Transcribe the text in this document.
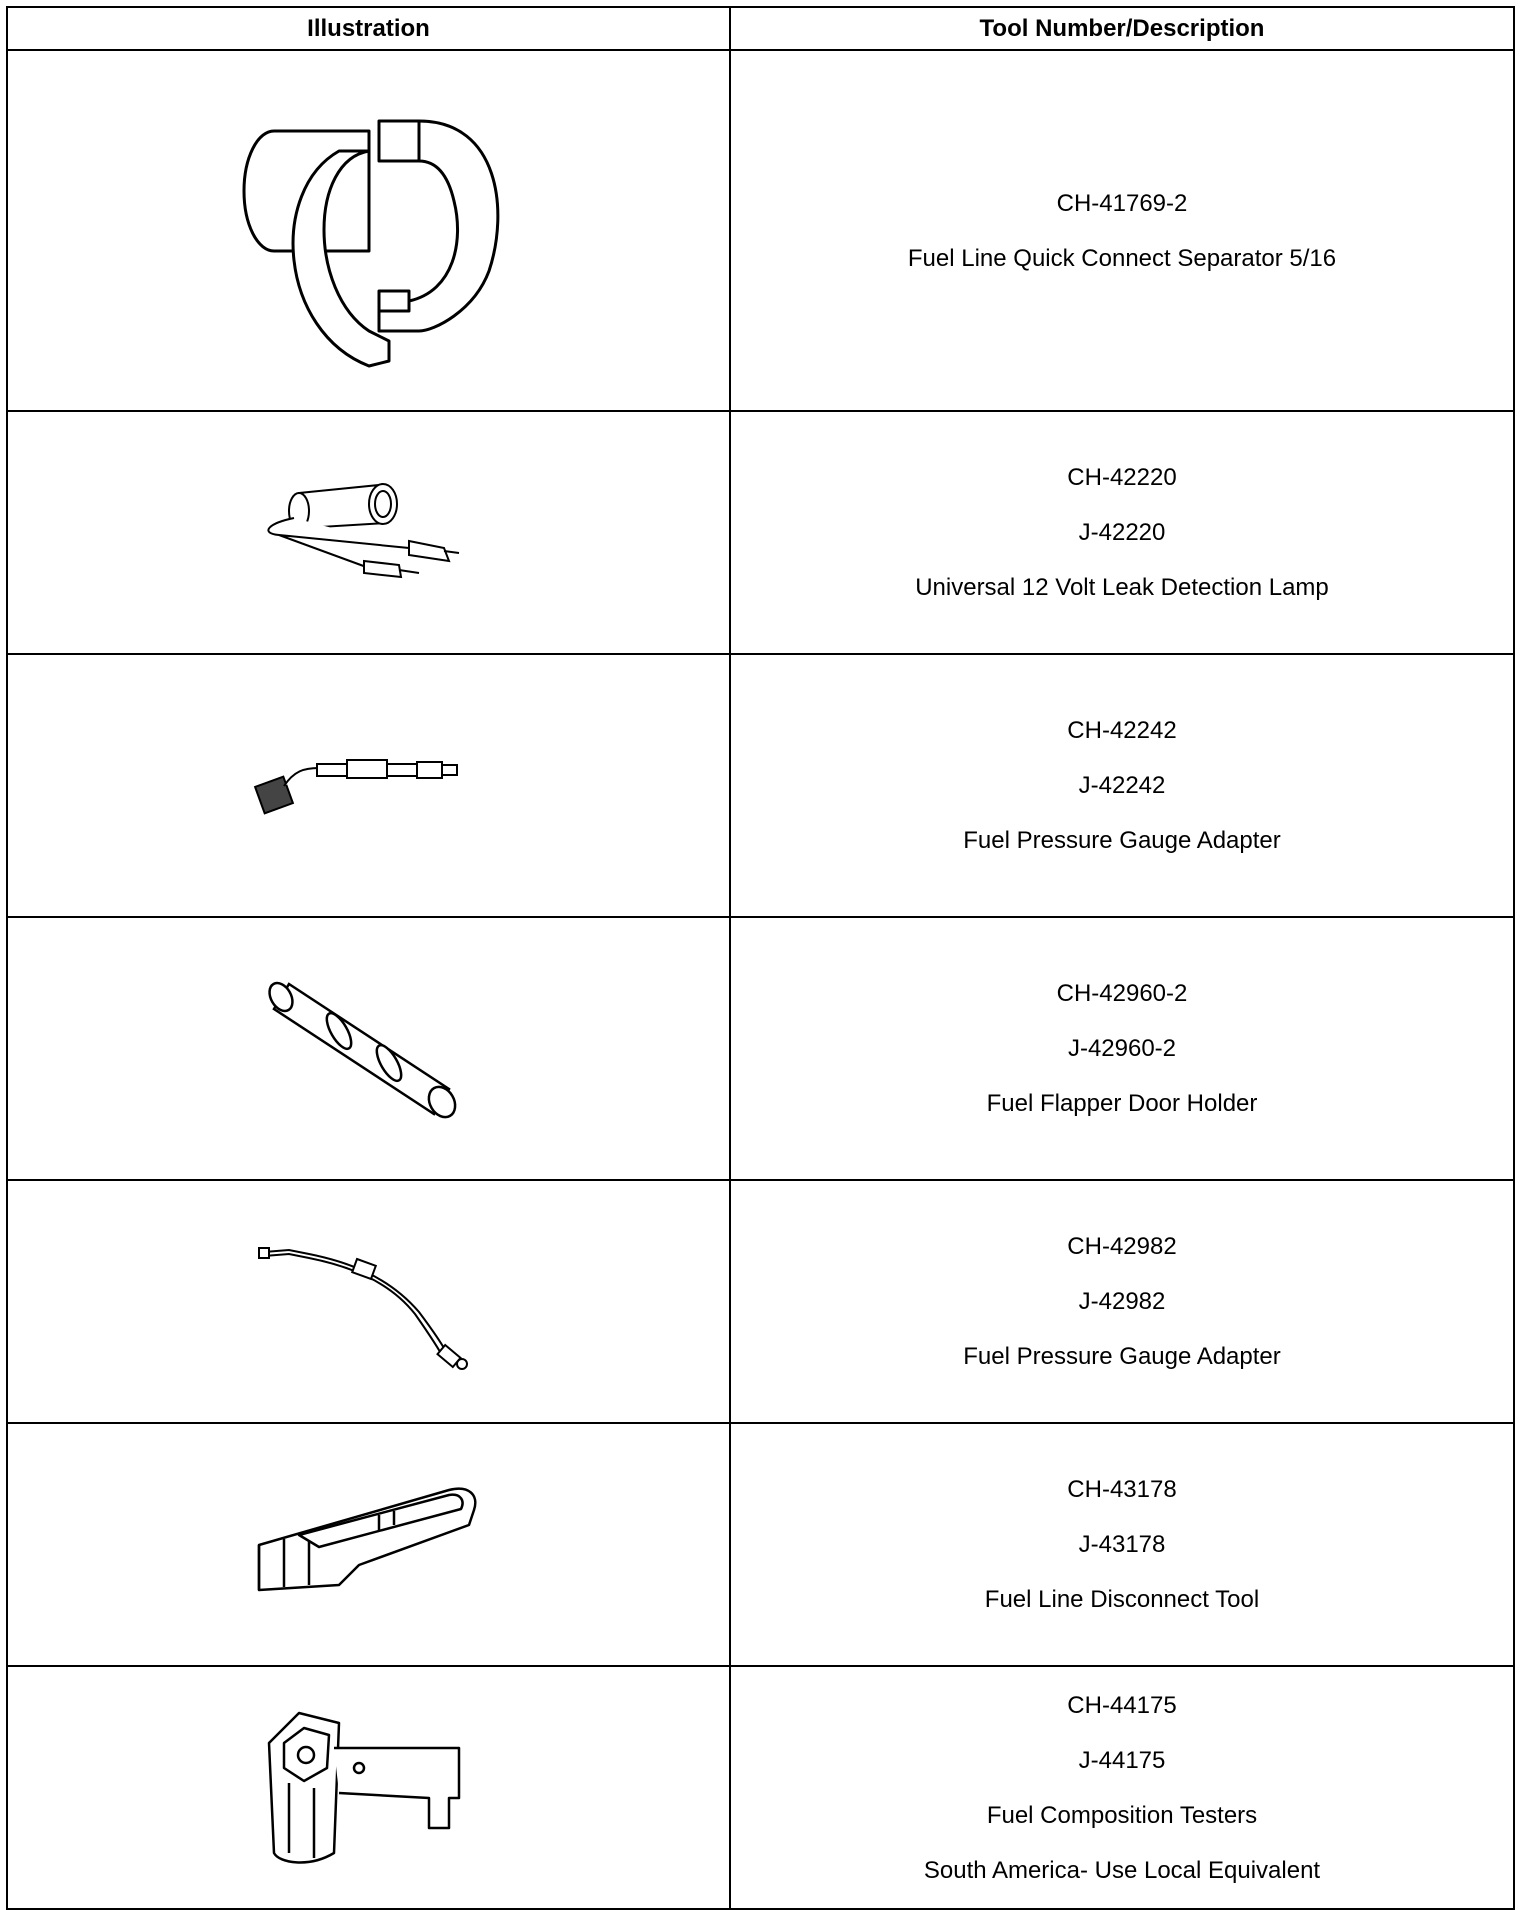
Illustration	Tool Number/Description

CH-41769-2
Fuel Line Quick Connect Separator 5/16

CH-42220
J-42220
Universal 12 Volt Leak Detection Lamp

CH-42242
J-42242
Fuel Pressure Gauge Adapter

CH-42960-2
J-42960-2
Fuel Flapper Door Holder

CH-42982
J-42982
Fuel Pressure Gauge Adapter

CH-43178
J-43178
Fuel Line Disconnect Tool

CH-44175
J-44175
Fuel Composition Testers
South America- Use Local Equivalent
